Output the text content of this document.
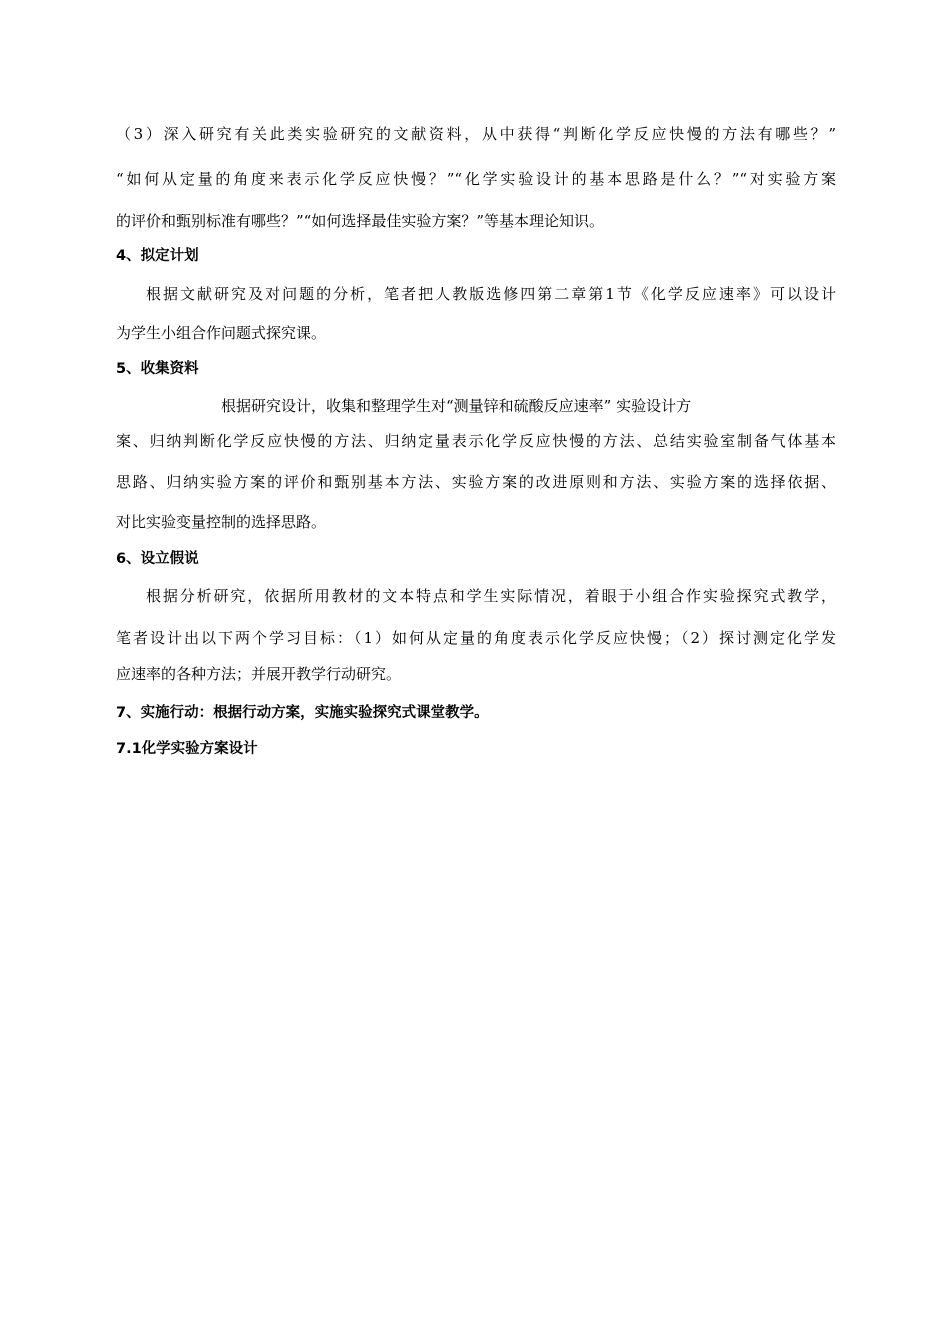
（3）深入研究有关此类实验研究的文献资料，从中获得“判断化学反应快慢的方法有哪些？”
“如何从定量的角度来表示化学反应快慢？”“化学实验设计的基本思路是什么？”“对实验方案
的评价和甄别标准有哪些？”“如何选择最佳实验方案？”等基本理论知识。
4、拟定计划
根据文献研究及对问题的分析，笔者把人教版选修四第二章第1节《化学反应速率》可以设计
为学生小组合作问题式探究课。
5、收集资料
根据研究设计，收集和整理学生对“测量锌和硫酸反应速率” 实验设计方
案、归纳判断化学反应快慢的方法、归纳定量表示化学反应快慢的方法、总结实验室制备气体基本
思路、归纳实验方案的评价和甄别基本方法、实验方案的改进原则和方法、实验方案的选择依据、
对比实验变量控制的选择思路。
6、设立假说
根据分析研究，依据所用教材的文本特点和学生实际情况，着眼于小组合作实验探究式教学，
笔者设计出以下两个学习目标：（1）如何从定量的角度表示化学反应快慢；（2）探讨测定化学发
应速率的各种方法；并展开教学行动研究。
7、实施行动：根据行动方案，实施实验探究式课堂教学。
7.1化学实验方案设计
